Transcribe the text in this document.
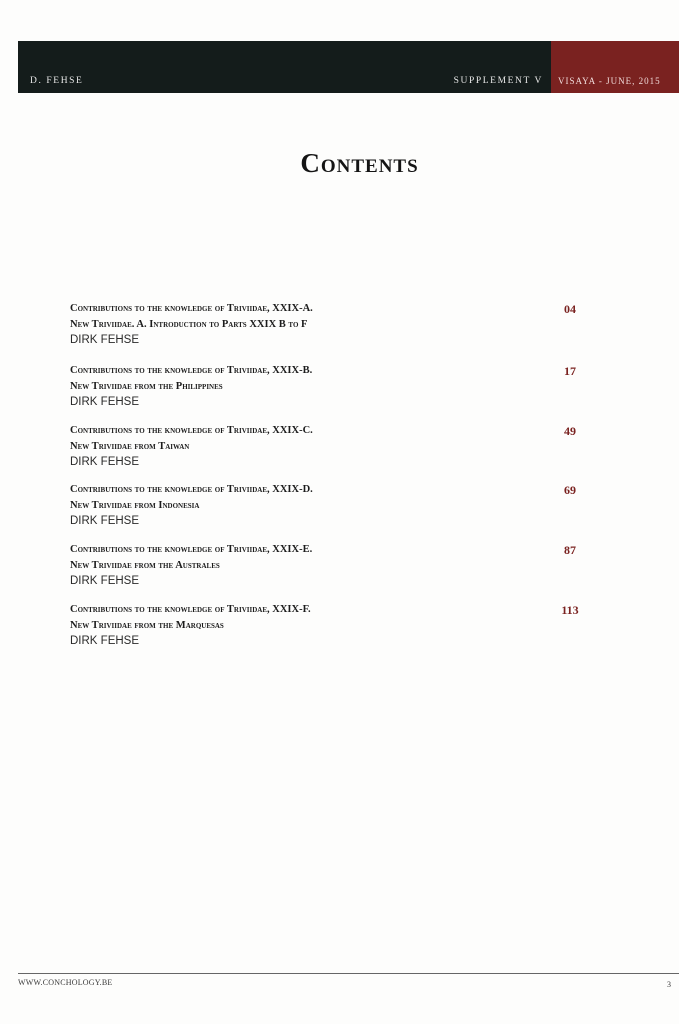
D. FEHSE	SUPPLEMENT V VISAYA - JUNE, 2015
Contents
Contributions to the knowledge of Triviidae, XXIX-A.
New Triviidae. A. Introduction to Parts XXIX B to F
DIRK FEHSE
04
Contributions to the knowledge of Triviidae, XXIX-B.
New Triviidae from the Philippines
DIRK FEHSE
17
Contributions to the knowledge of Triviidae, XXIX-C.
New Triviidae from Taiwan
DIRK FEHSE
49
Contributions to the knowledge of Triviidae, XXIX-D.
New Triviidae from Indonesia
DIRK FEHSE
69
Contributions to the knowledge of Triviidae, XXIX-E.
New Triviidae from the Australes
DIRK FEHSE
87
Contributions to the knowledge of Triviidae, XXIX-F.
New Triviidae from the Marquesas
DIRK FEHSE
113
WWW.CONCHOLOGY.BE	3
